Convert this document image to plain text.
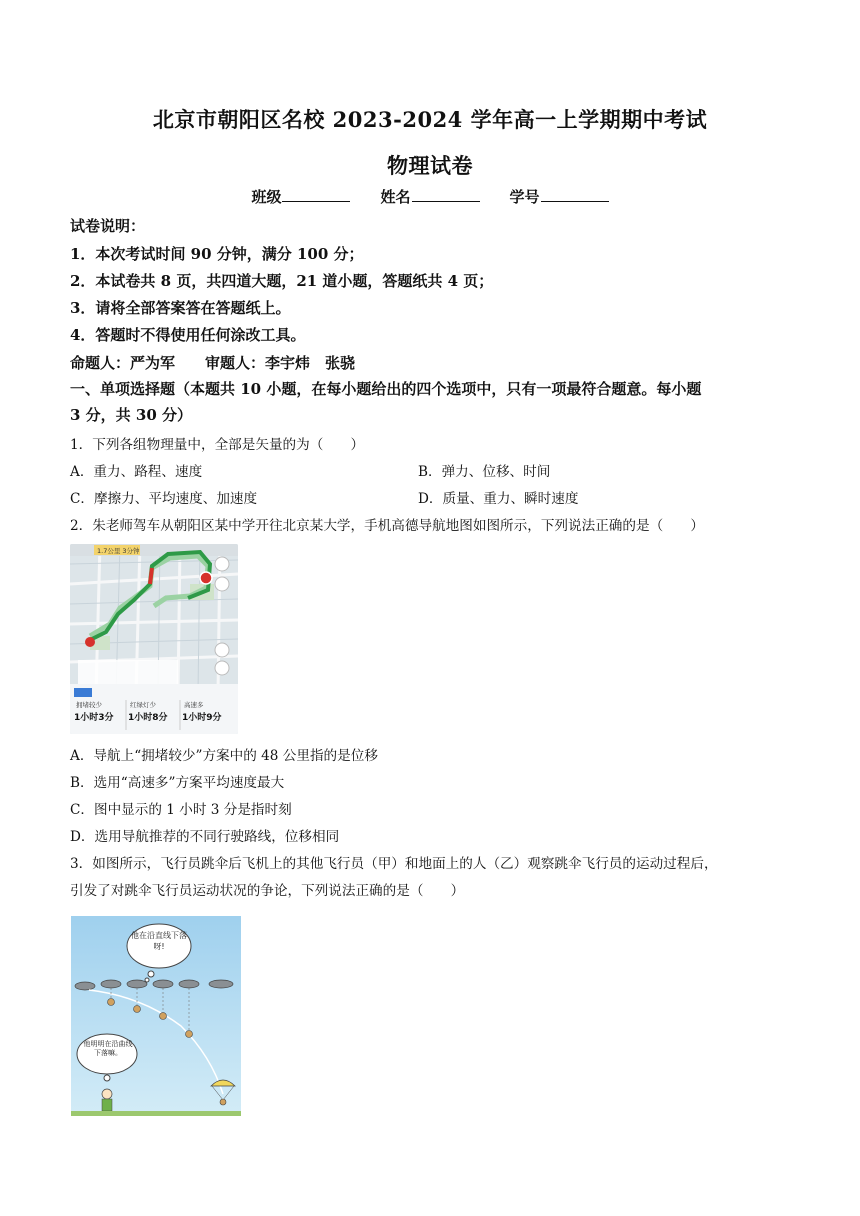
北京市朝阳区名校 2023-2024 学年高一上学期期中考试
物理试卷
班级	姓名	学号
试卷说明：
1．本次考试时间 90 分钟，满分 100 分；
2．本试卷共 8 页，共四道大题，21 道小题，答题纸共 4 页；
3．请将全部答案答在答题纸上。
4．答题时不得使用任何涂改工具。
命题人：严为军　　审题人：李宇炜　张骁
一、单项选择题（本题共 10 小题，在每小题给出的四个选项中，只有一项最符合题意。每小题
3 分，共 30 分）
1．下列各组物理量中，全部是矢量的为（　　）
A．重力、路程、速度	B．弹力、位移、时间
C．摩擦力、平均速度、加速度	D．质量、重力、瞬时速度
2．朱老师驾车从朝阳区某中学开往北京某大学，手机高德导航地图如图所示，下列说法正确的是（　　）
1.7公里 3分钟
拥堵较少
1小时3分
红绿灯少
1小时8分
高速多
1小时9分
A．导航上“拥堵较少”方案中的 48 公里指的是位移
B．选用“高速多”方案平均速度最大
C．图中显示的 1 小时 3 分是指时刻
D．选用导航推荐的不同行驶路线，位移相同
3．如图所示，飞行员跳伞后飞机上的其他飞行员（甲）和地面上的人（乙）观察跳伞飞行员的运动过程后，
引发了对跳伞飞行员运动状况的争论，下列说法正确的是（　　）
他在沿直线下落呀!
他明明在沿曲线下落嘛。
